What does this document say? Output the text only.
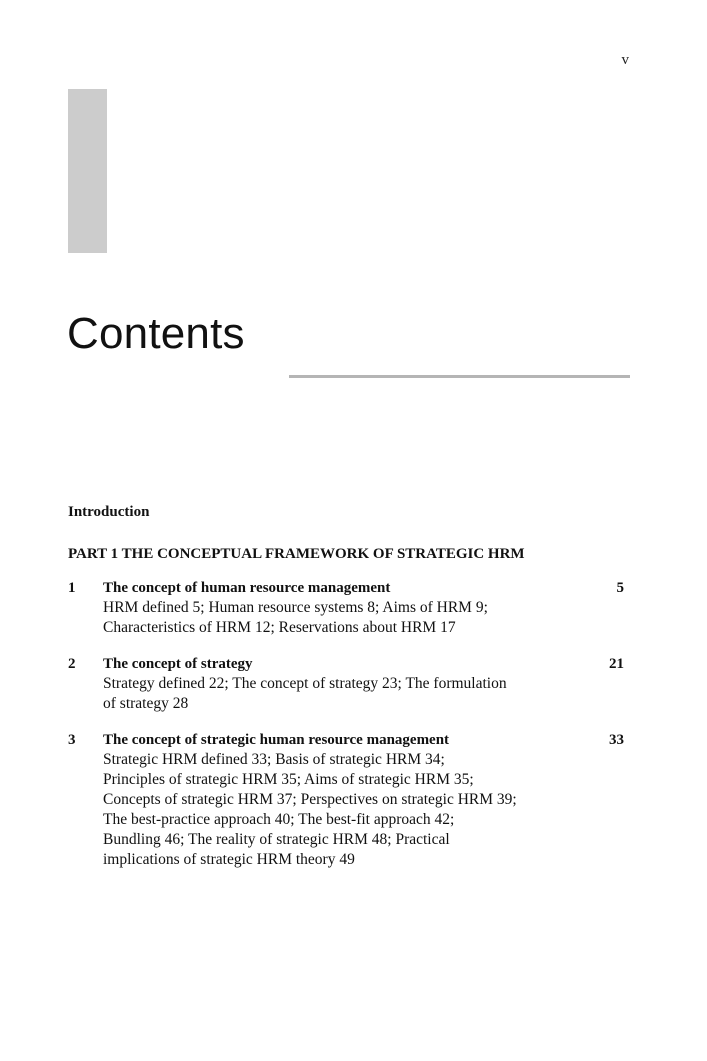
v
Contents
Introduction
PART 1 THE CONCEPTUAL FRAMEWORK OF STRATEGIC HRM
1 The concept of human resource management	5
HRM defined 5; Human resource systems 8; Aims of HRM 9;
Characteristics of HRM 12; Reservations about HRM 17
2 The concept of strategy	21
Strategy defined 22; The concept of strategy 23; The formulation
of strategy 28
3 The concept of strategic human resource management	33
Strategic HRM defined 33; Basis of strategic HRM 34;
Principles of strategic HRM 35; Aims of strategic HRM 35;
Concepts of strategic HRM 37; Perspectives on strategic HRM 39;
The best-practice approach 40; The best-fit approach 42;
Bundling 46; The reality of strategic HRM 48; Practical
implications of strategic HRM theory 49
